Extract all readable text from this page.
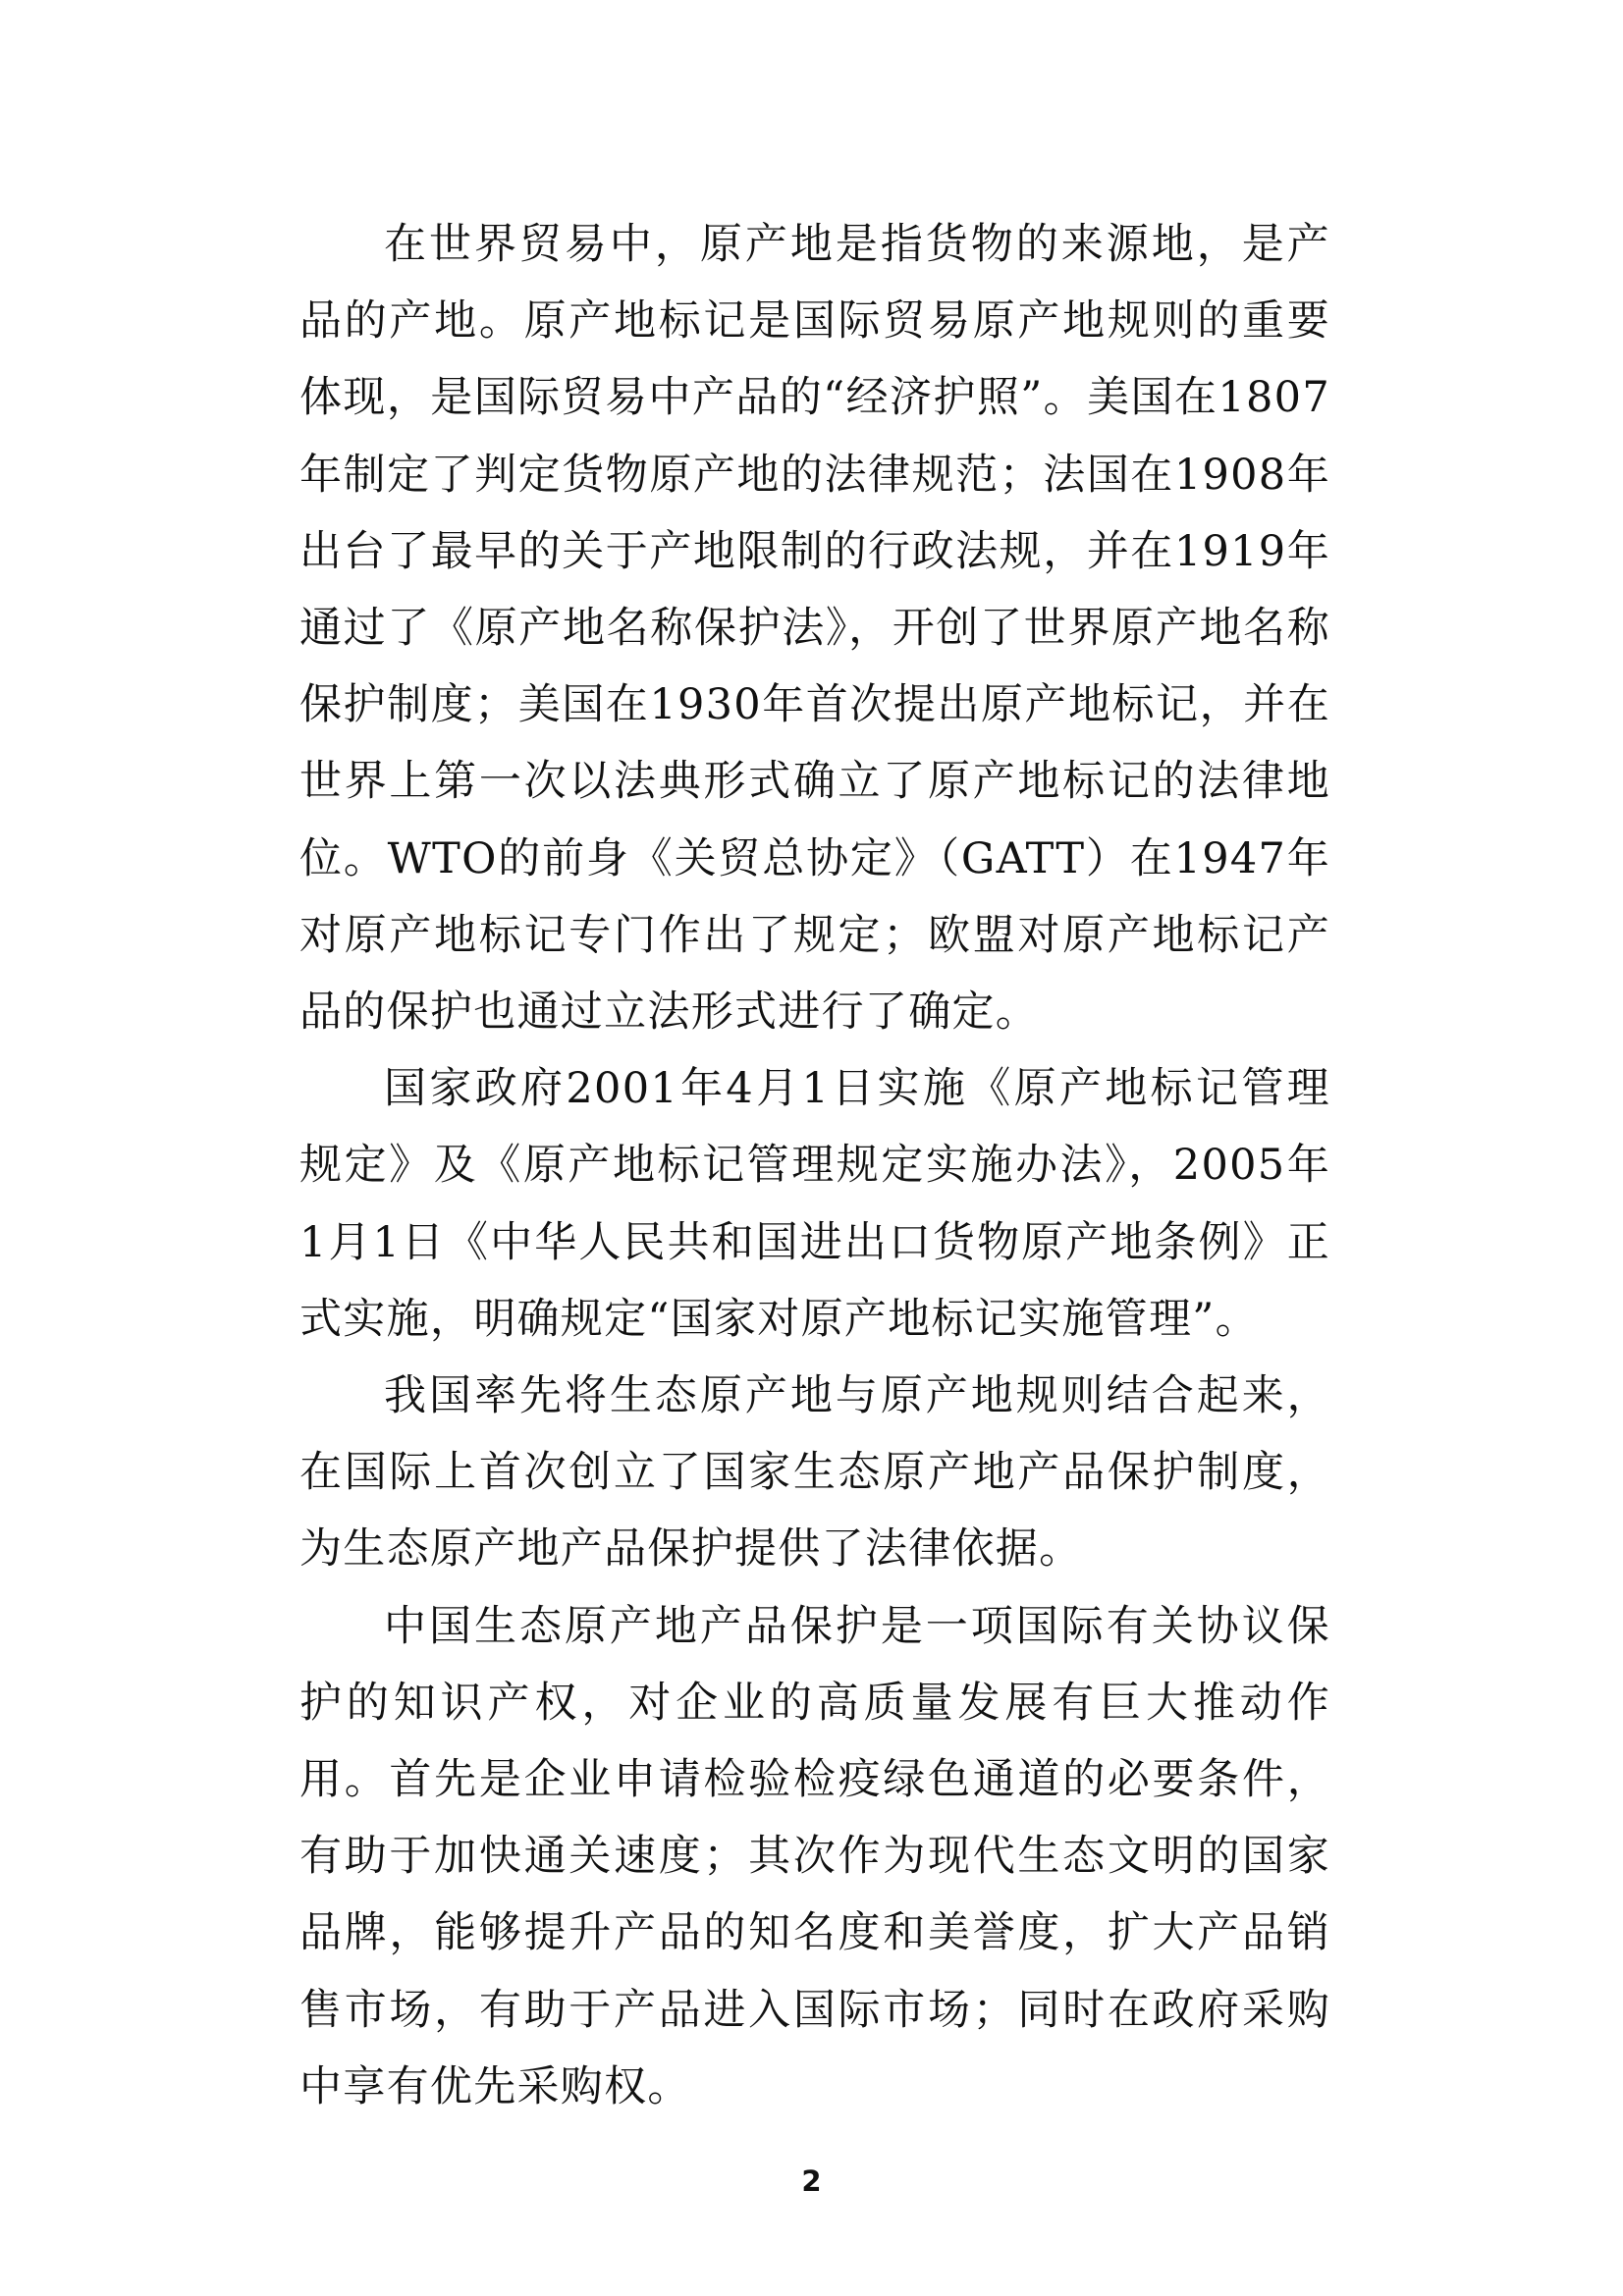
在世界贸易中，原产地是指货物的来源地，是产品的产地。原产地标记是国际贸易原产地规则的重要体现，是国际贸易中产品的“经济护照”。美国在1807年制定了判定货物原产地的法律规范；法国在1908年出台了最早的关于产地限制的行政法规，并在1919年通过了《原产地名称保护法》，开创了世界原产地名称保护制度；美国在1930年首次提出原产地标记，并在世界上第一次以法典形式确立了原产地标记的法律地位。WTO的前身《关贸总协定》（GATT）在1947年对原产地标记专门作出了规定；欧盟对原产地标记产品的保护也通过立法形式进行了确定。

国家政府2001年4月1日实施《原产地标记管理规定》及《原产地标记管理规定实施办法》，2005年1月1日《中华人民共和国进出口货物原产地条例》正式实施，明确规定“国家对原产地标记实施管理”。

我国率先将生态原产地与原产地规则结合起来，在国际上首次创立了国家生态原产地产品保护制度，为生态原产地产品保护提供了法律依据。

中国生态原产地产品保护是一项国际有关协议保护的知识产权，对企业的高质量发展有巨大推动作用。首先是企业申请检验检疫绿色通道的必要条件，有助于加快通关速度；其次作为现代生态文明的国家品牌，能够提升产品的知名度和美誉度，扩大产品销售市场，有助于产品进入国际市场；同时在政府采购中享有优先采购权。

2
